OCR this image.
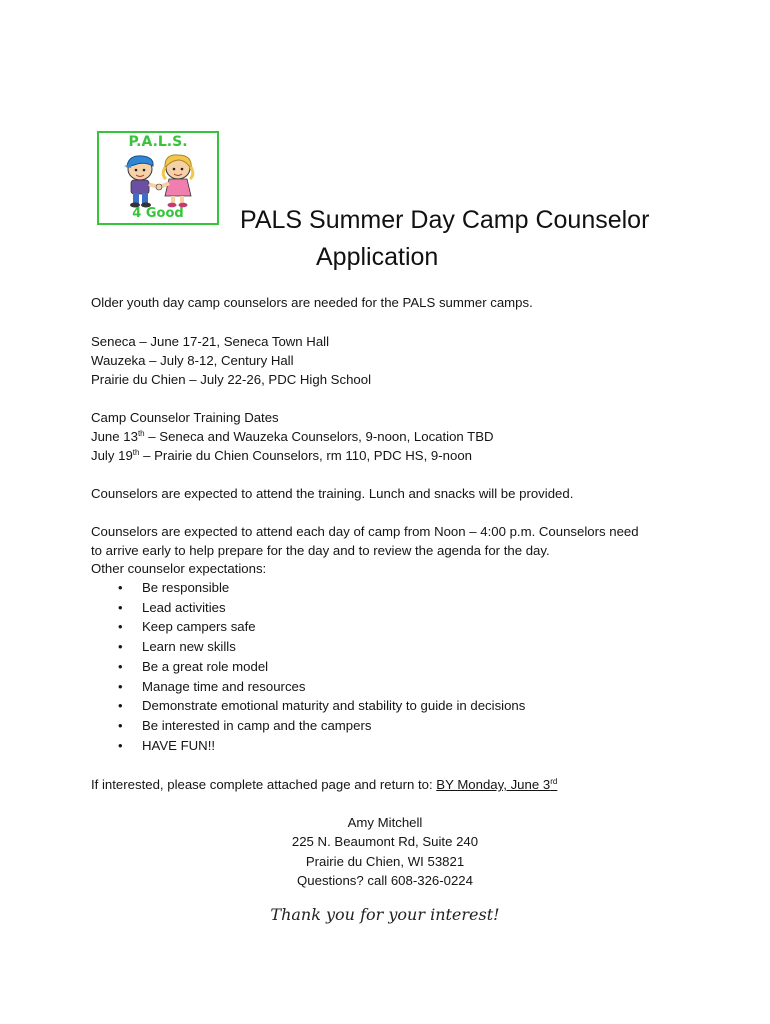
P.A.L.S.
4 Good	PALS Summer Day Camp Counselor
Application
Older youth day camp counselors are needed for the PALS summer camps.
Seneca – June 17-21, Seneca Town Hall
Wauzeka – July 8-12, Century Hall
Prairie du Chien – July 22-26, PDC High School
Camp Counselor Training Dates
June 13th – Seneca and Wauzeka Counselors, 9-noon, Location TBD
July 19th – Prairie du Chien Counselors, rm 110, PDC HS, 9-noon
Counselors are expected to attend the training. Lunch and snacks will be provided.
Counselors are expected to attend each day of camp from Noon – 4:00 p.m. Counselors need
to arrive early to help prepare for the day and to review the agenda for the day.
Other counselor expectations:
• Be responsible
• Lead activities
• Keep campers safe
• Learn new skills
• Be a great role model
• Manage time and resources
• Demonstrate emotional maturity and stability to guide in decisions
• Be interested in camp and the campers
• HAVE FUN!!
If interested, please complete attached page and return to: BY Monday, June 3rd
Amy Mitchell
225 N. Beaumont Rd, Suite 240
Prairie du Chien, WI 53821
Questions? call 608-326-0224
Thank you for your interest!
